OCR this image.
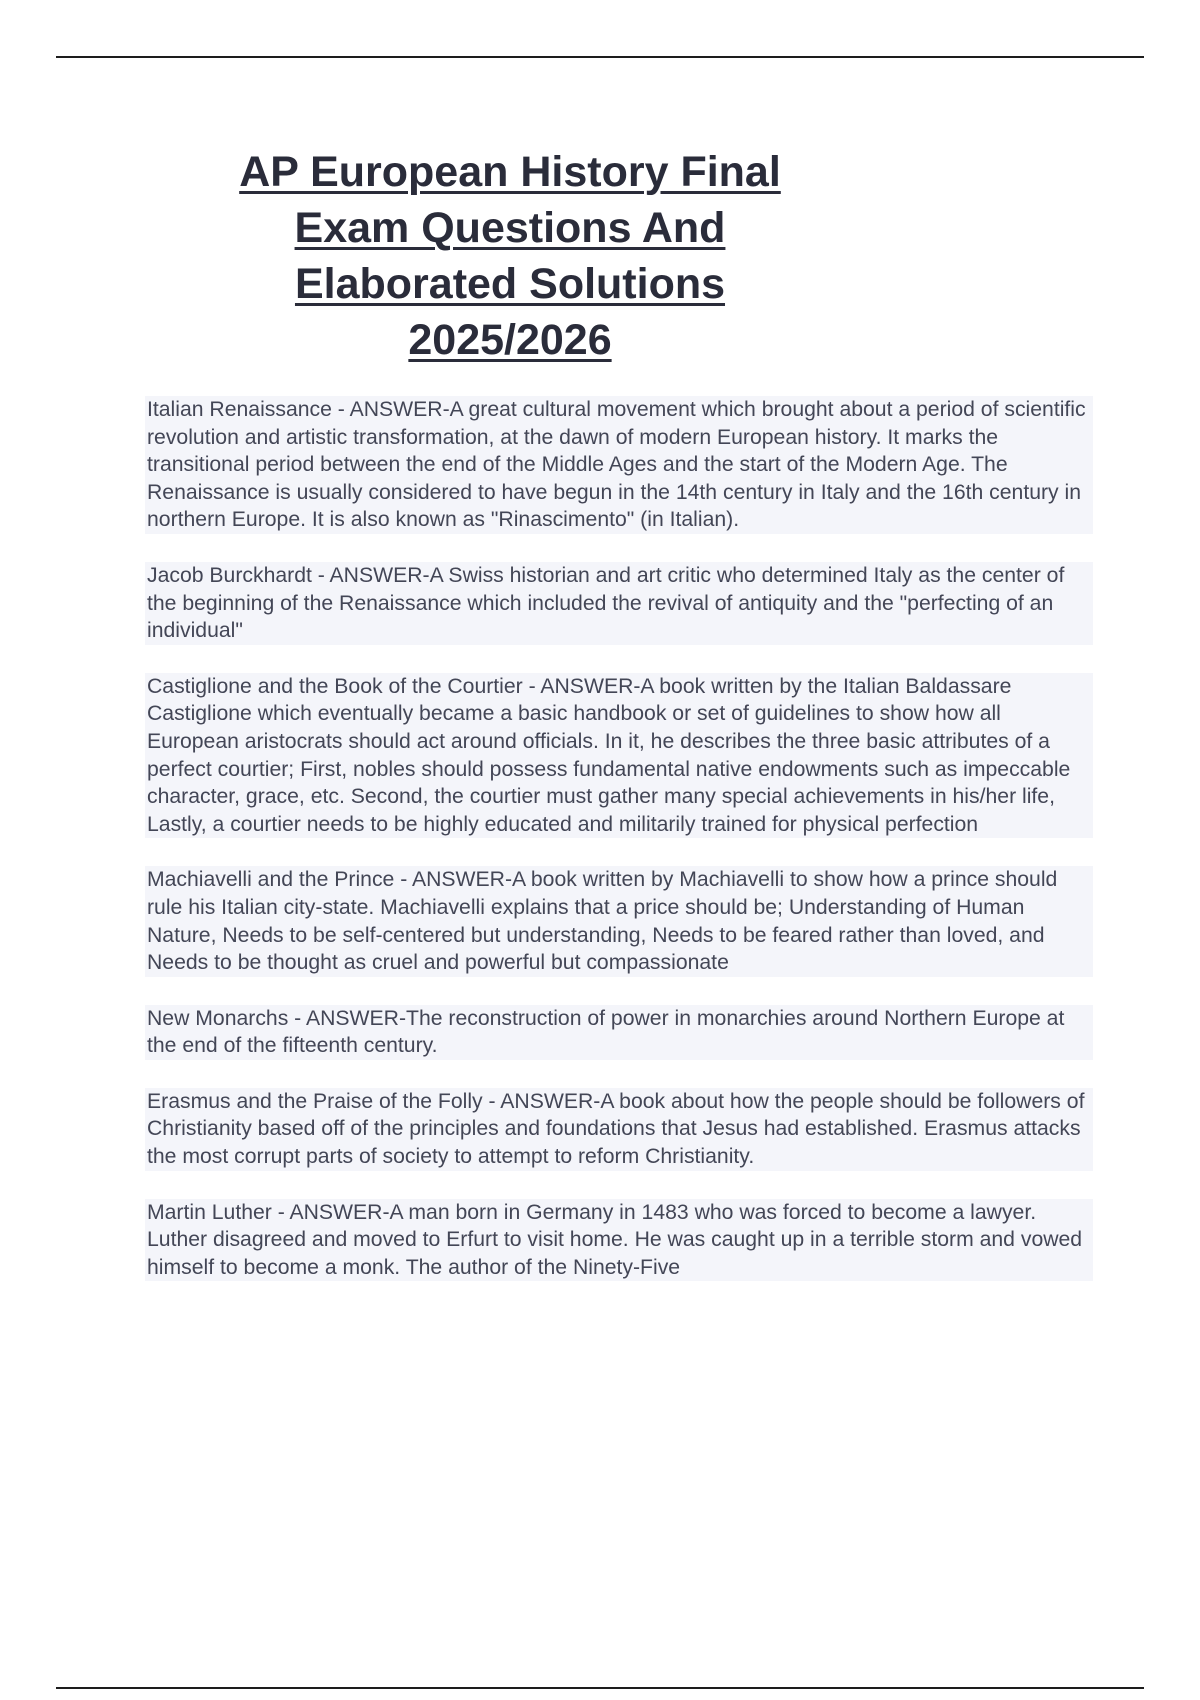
AP European History Final
Exam Questions And
Elaborated Solutions
2025/2026

Italian Renaissance - ANSWER-A great cultural movement which brought about a period of scientific revolution and artistic transformation, at the dawn of modern European history. It marks the transitional period between the end of the Middle Ages and the start of the Modern Age. The Renaissance is usually considered to have begun in the 14th century in Italy and the 16th century in northern Europe. It is also known as "Rinascimento" (in Italian).

Jacob Burckhardt - ANSWER-A Swiss historian and art critic who determined Italy as the center of the beginning of the Renaissance which included the revival of antiquity and the "perfecting of an individual"

Castiglione and the Book of the Courtier - ANSWER-A book written by the Italian Baldassare Castiglione which eventually became a basic handbook or set of guidelines to show how all European aristocrats should act around officials. In it, he describes the three basic attributes of a perfect courtier; First, nobles should possess fundamental native endowments such as impeccable character, grace, etc. Second, the courtier must gather many special achievements in his/her life, Lastly, a courtier needs to be highly educated and militarily trained for physical perfection

Machiavelli and the Prince - ANSWER-A book written by Machiavelli to show how a prince should rule his Italian city-state. Machiavelli explains that a price should be; Understanding of Human Nature, Needs to be self-centered but understanding, Needs to be feared rather than loved, and Needs to be thought as cruel and powerful but compassionate

New Monarchs - ANSWER-The reconstruction of power in monarchies around Northern Europe at the end of the fifteenth century.

Erasmus and the Praise of the Folly - ANSWER-A book about how the people should be followers of Christianity based off of the principles and foundations that Jesus had established. Erasmus attacks the most corrupt parts of society to attempt to reform Christianity.

Martin Luther - ANSWER-A man born in Germany in 1483 who was forced to become a lawyer. Luther disagreed and moved to Erfurt to visit home. He was caught up in a terrible storm and vowed himself to become a monk. The author of the Ninety-Five
